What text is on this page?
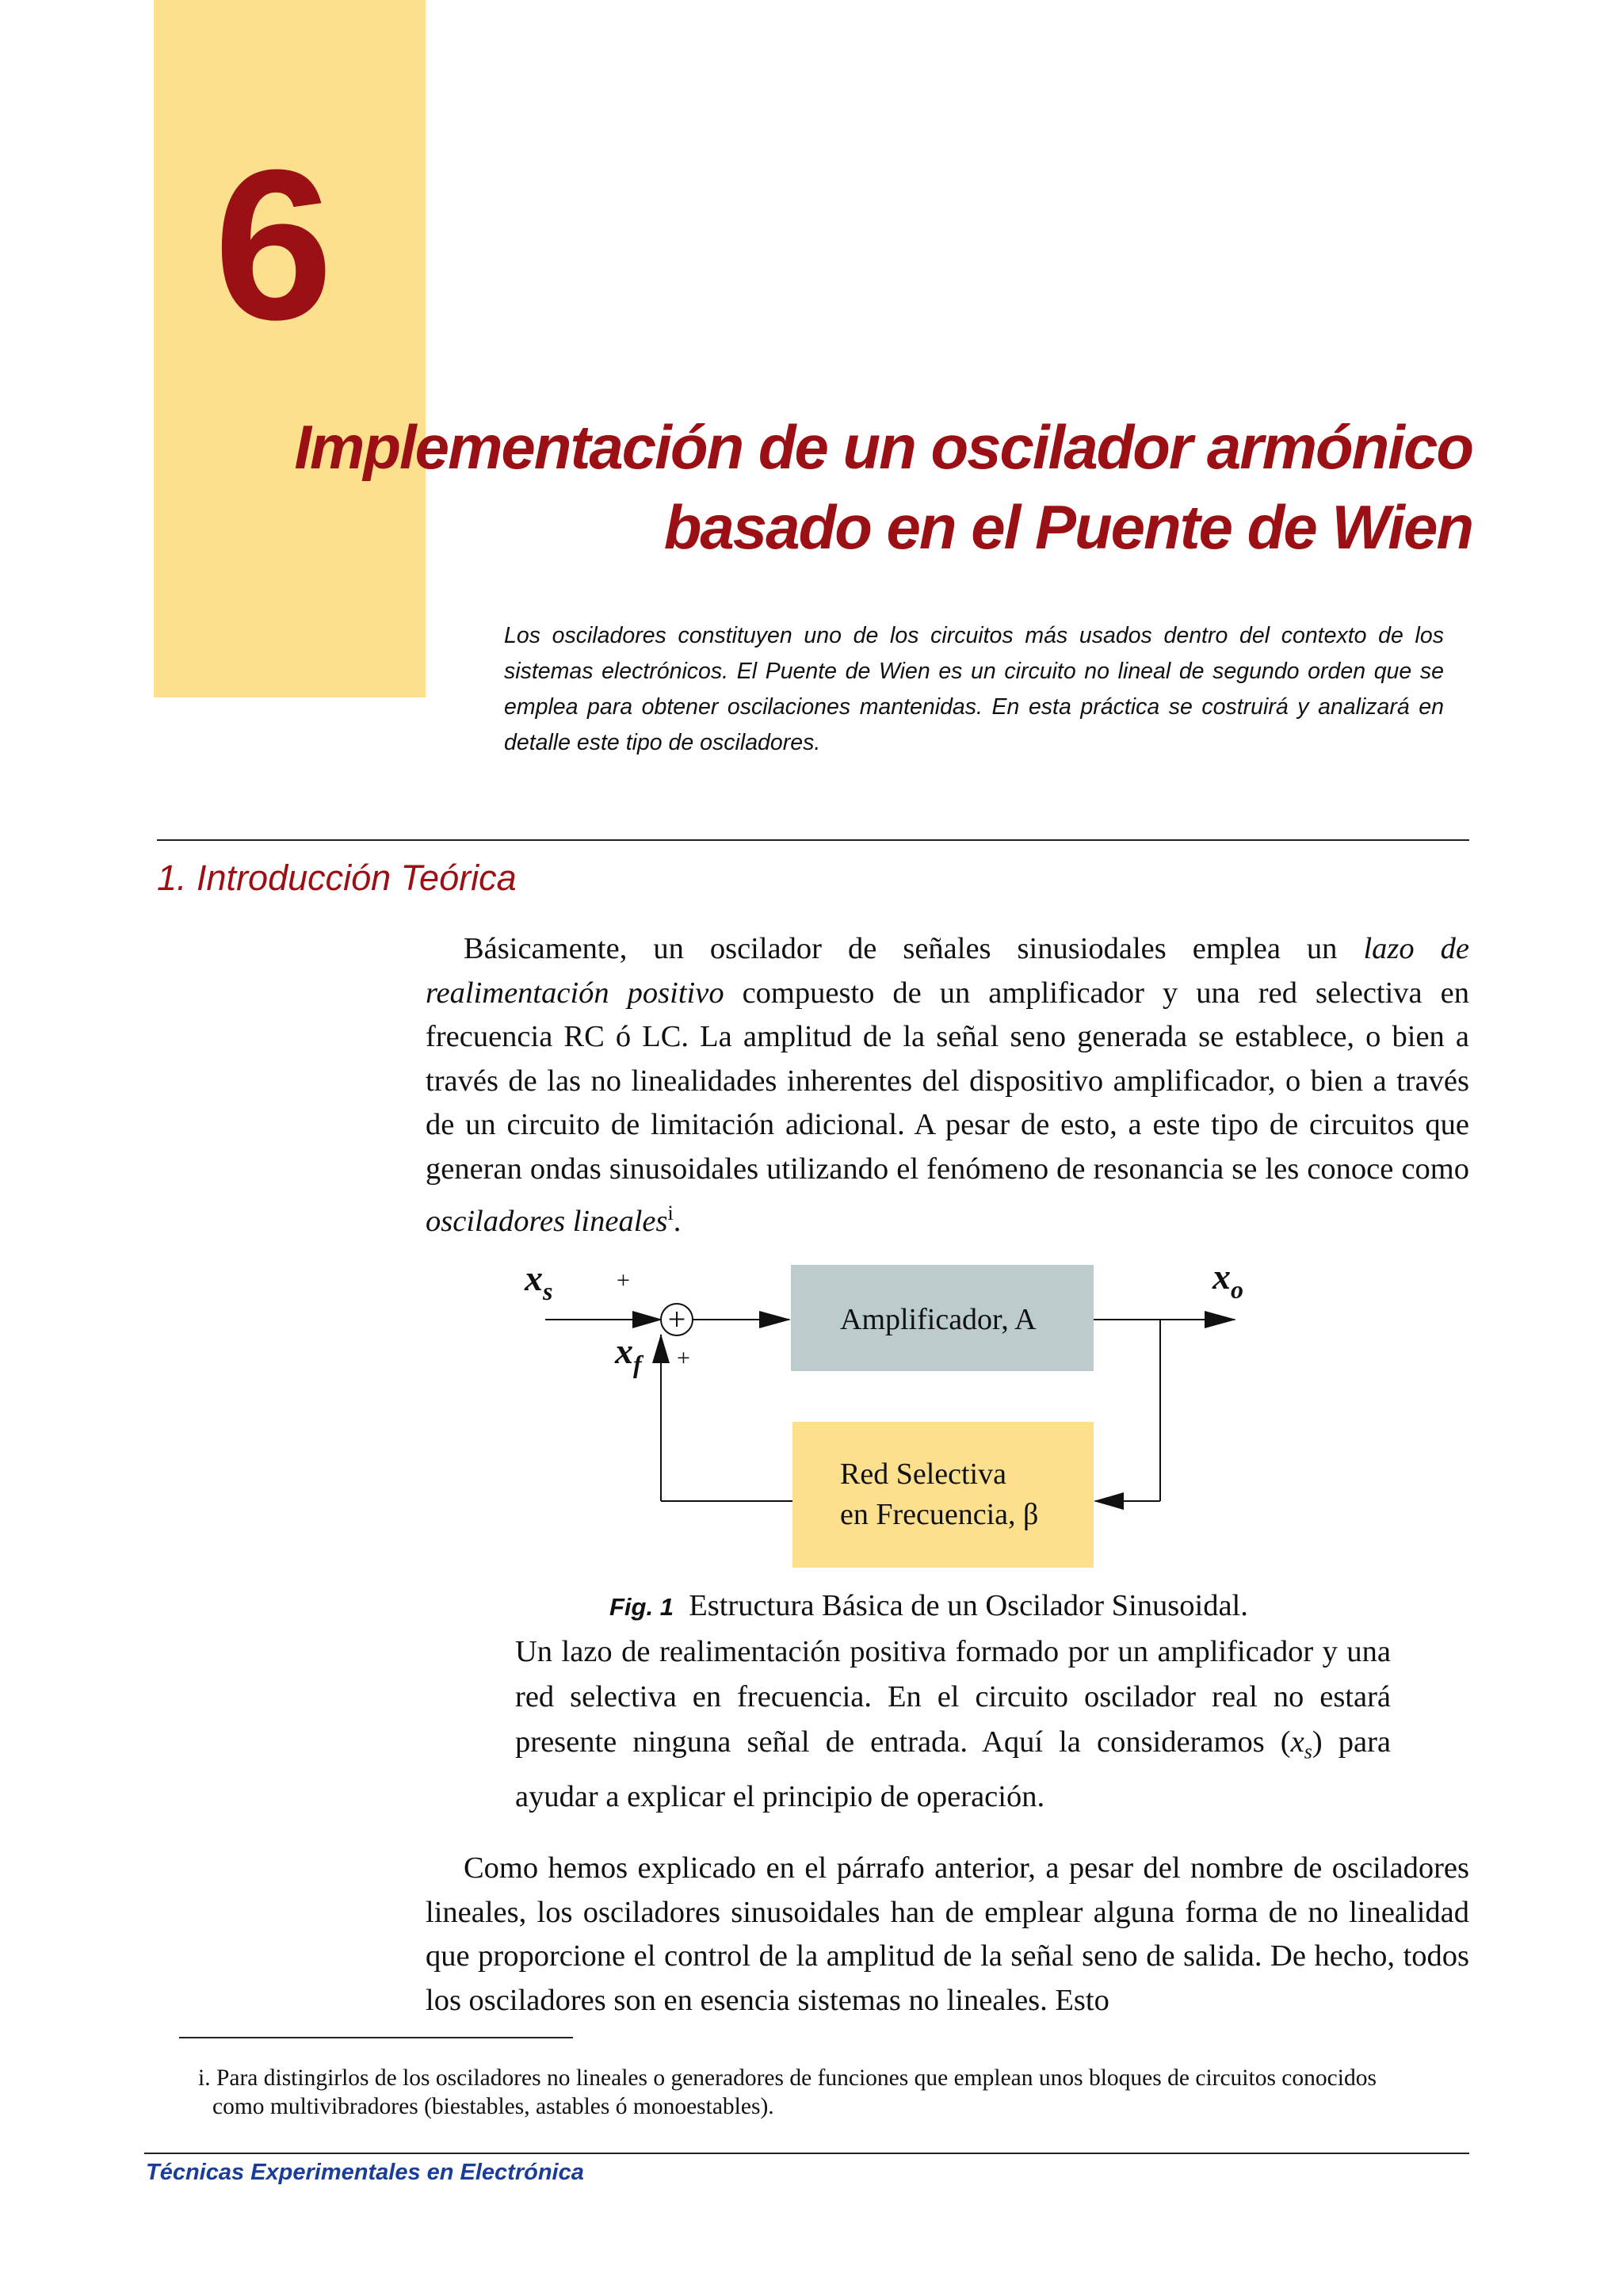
6
Implementación de un oscilador armónico
basado en el Puente de Wien
Los osciladores constituyen uno de los circuitos más usados dentro del contexto de los sistemas electrónicos. El Puente de Wien es un circuito no lineal de segundo orden que se emplea para obtener oscilaciones mantenidas. En esta práctica se costruirá y analizará en detalle este tipo de osciladores.
1. Introducción Teórica
Básicamente, un oscilador de señales sinusiodales emplea un lazo de realimentación positivo compuesto de un amplificador y una red selectiva en frecuencia RC ó LC. La amplitud de la señal seno generada se establece, o bien a través de las no linealidades inherentes del dispositivo amplificador, o bien a través de un circuito de limitación adicional. A pesar de esto, a este tipo de circuitos que generan ondas sinusoidales utilizando el fenómeno de resonancia se les conoce como osciladores lineales$^i$.
+	Amplificador, A
Red Selectiva
en Frecuencia, β
$x_s$	$x_o$
$x_f$
+
+
Fig. 1 Estructura Básica de un Oscilador Sinusoidal.
Un lazo de realimentación positiva formado por un amplificador y una red selectiva en frecuencia. En el circuito oscilador real no estará presente ninguna señal de entrada. Aquí la consideramos $(x_s)$ para ayudar a explicar el principio de operación.
Como hemos explicado en el párrafo anterior, a pesar del nombre de osciladores lineales, los osciladores sinusoidales han de emplear alguna forma de no linealidad que proporcione el control de la amplitud de la señal seno de salida. De hecho, todos los osciladores son en esencia sistemas no lineales. Esto
i. Para distingirlos de los osciladores no lineales o generadores de funciones que emplean unos bloques de circuitos conocidos como multivibradores (biestables, astables ó monoestables).
Técnicas Experimentales en Electrónica
